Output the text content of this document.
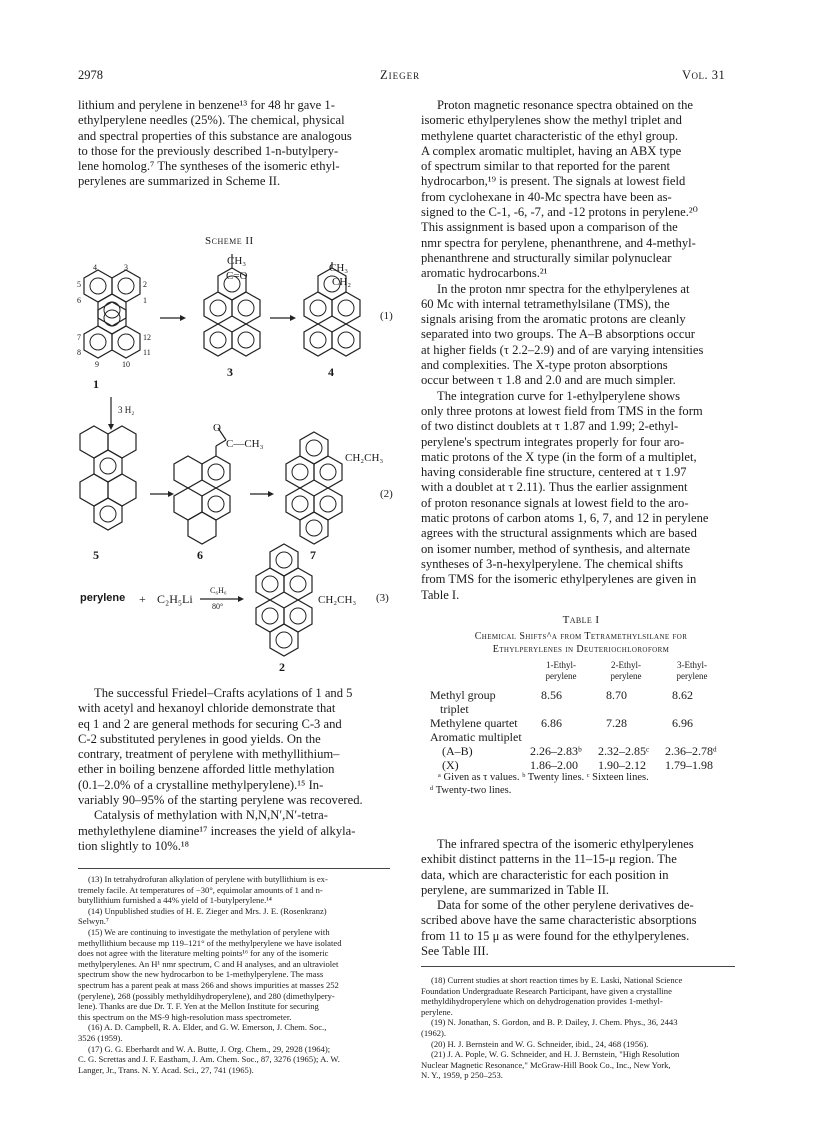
2978	Zieger	Vol. 31

lithium and perylene in benzene¹³ for 48 hr gave 1-

ethylperylene needles (25%). The chemical, physical

and spectral properties of this substance are analogous

to those for the previously described 1-n-butylpery-

lene homolog.⁷ The syntheses of the isomeric ethyl-

perylenes are summarized in Scheme II.

Scheme II
CH₃
C=O
CH₃
CH₂
(1)
(2)
(3)
3 H₂
O
C—CH₃
CH₂CH₃
CH₂CH₃
4	3
2
1
5
6
7
8
12
11
9	10
1
3	4
5	6	7
2
perylene + C₂H₅Li
C₆H₆
80°

The successful Friedel–Crafts acylations of 1 and 5

with acetyl and hexanoyl chloride demonstrate that

eq 1 and 2 are general methods for securing C-3 and

C-2 substituted perylenes in good yields. On the

contrary, treatment of perylene with methyllithium–

ether in boiling benzene afforded little methylation

(0.1–2.0% of a crystalline methylperylene).¹⁵ In-

variably 90–95% of the starting perylene was recovered.

Catalysis of methylation with N,N,N′,N′-tetra-

methylethylene diamine¹⁷ increases the yield of alkyla-

tion slightly to 10%.¹⁸

(13) In tetrahydrofuran alkylation of perylene with butyllithium is ex-

tremely facile. At temperatures of −30°, equimolar amounts of 1 and n-

butyllithium furnished a 44% yield of 1-butylperylene.¹⁴

(14) Unpublished studies of H. E. Zieger and Mrs. J. E. (Rosenkranz)

Selwyn.⁷

(15) We are continuing to investigate the methylation of perylene with

methyllithium because mp 119–121° of the methylperylene we have isolated

does not agree with the literature melting points¹⁶ for any of the isomeric

methylperylenes. An H¹ nmr spectrum, C and H analyses, and an ultraviolet

spectrum show the new hydrocarbon to be 1-methylperylene. The mass

spectrum has a parent peak at mass 266 and shows impurities at masses 252

(perylene), 268 (possibly methyldihydroperylene), and 280 (dimethylpery-

lene). Thanks are due Dr. T. F. Yen at the Mellon Institute for securing

this spectrum on the MS-9 high-resolution mass spectrometer.

(16) A. D. Campbell, R. A. Elder, and G. W. Emerson, J. Chem. Soc.,

3526 (1959).

(17) G. G. Eberhardt and W. A. Butte, J. Org. Chem., 29, 2928 (1964);

C. G. Screttas and J. F. Eastham, J. Am. Chem. Soc., 87, 3276 (1965); A. W.

Langer, Jr., Trans. N. Y. Acad. Sci., 27, 741 (1965).

Proton magnetic resonance spectra obtained on the

isomeric ethylperylenes show the methyl triplet and

methylene quartet characteristic of the ethyl group.

A complex aromatic multiplet, having an ABX type

of spectrum similar to that reported for the parent

hydrocarbon,¹⁹ is present. The signals at lowest field

from cyclohexane in 40-Mc spectra have been as-

signed to the C-1, -6, -7, and -12 protons in perylene.²⁰

This assignment is based upon a comparison of the

nmr spectra for perylene, phenanthrene, and 4-methyl-

phenanthrene and structurally similar polynuclear

aromatic hydrocarbons.²¹

In the proton nmr spectra for the ethylperylenes at

60 Mc with internal tetramethylsilane (TMS), the

signals arising from the aromatic protons are cleanly

separated into two groups. The A–B absorptions occur

at higher fields (τ 2.2–2.9) and of are varying intensities

and complexities. The X-type proton absorptions

occur between τ 1.8 and 2.0 and are much simpler.

The integration curve for 1-ethylperylene shows

only three protons at lowest field from TMS in the form

of two distinct doublets at τ 1.87 and 1.99; 2-ethyl-

perylene's spectrum integrates properly for four aro-

matic protons of the X type (in the form of a multiplet,

having considerable fine structure, centered at τ 1.97

with a doublet at τ 2.11). Thus the earlier assignment

of proton resonance signals at lowest field to the aro-

matic protons of carbon atoms 1, 6, 7, and 12 in perylene

agrees with the structural assignments which are based

on isomer number, method of synthesis, and alternate

syntheses of 3-n-hexylperylene. The chemical shifts

from TMS for the isomeric ethylperylenes are given in

Table I.

Table I
Chemical Shifts^a from Tetramethylsilane for
Ethylperylenes in Deuteriochloroform
1-Ethyl-
perylene
2-Ethyl-
perylene
3-Ethyl-
perylene
Methyl group	8.56	8.70	8.62
triplet
Methylene quartet 6.86	7.28	6.96
Aromatic multiplet
(A–B)	2.26–2.83ᵇ 2.32–2.85ᶜ 2.36–2.78ᵈ
(X)	1.86–2.00 1.90–2.12 1.79–1.98
ᵃ Given as τ values. ᵇ Twenty lines. ᶜ Sixteen lines.
ᵈ Twenty-two lines.

The infrared spectra of the isomeric ethylperylenes

exhibit distinct patterns in the 11–15-μ region. The

data, which are characteristic for each position in

perylene, are summarized in Table II.

Data for some of the other perylene derivatives de-

scribed above have the same characteristic absorptions

from 11 to 15 μ as were found for the ethylperylenes.

See Table III.

(18) Current studies at short reaction times by E. Laski, National Science

Foundation Undergraduate Research Participant, have given a crystalline

methyldihydroperylene which on dehydrogenation provides 1-methyl-

perylene.

(19) N. Jonathan, S. Gordon, and B. P. Dailey, J. Chem. Phys., 36, 2443

(1962).

(20) H. J. Bernstein and W. G. Schneider, ibid., 24, 468 (1956).

(21) J. A. Pople, W. G. Schneider, and H. J. Bernstein, "High Resolution

Nuclear Magnetic Resonance," McGraw-Hill Book Co., Inc., New York,

N. Y., 1959, p 250–253.
